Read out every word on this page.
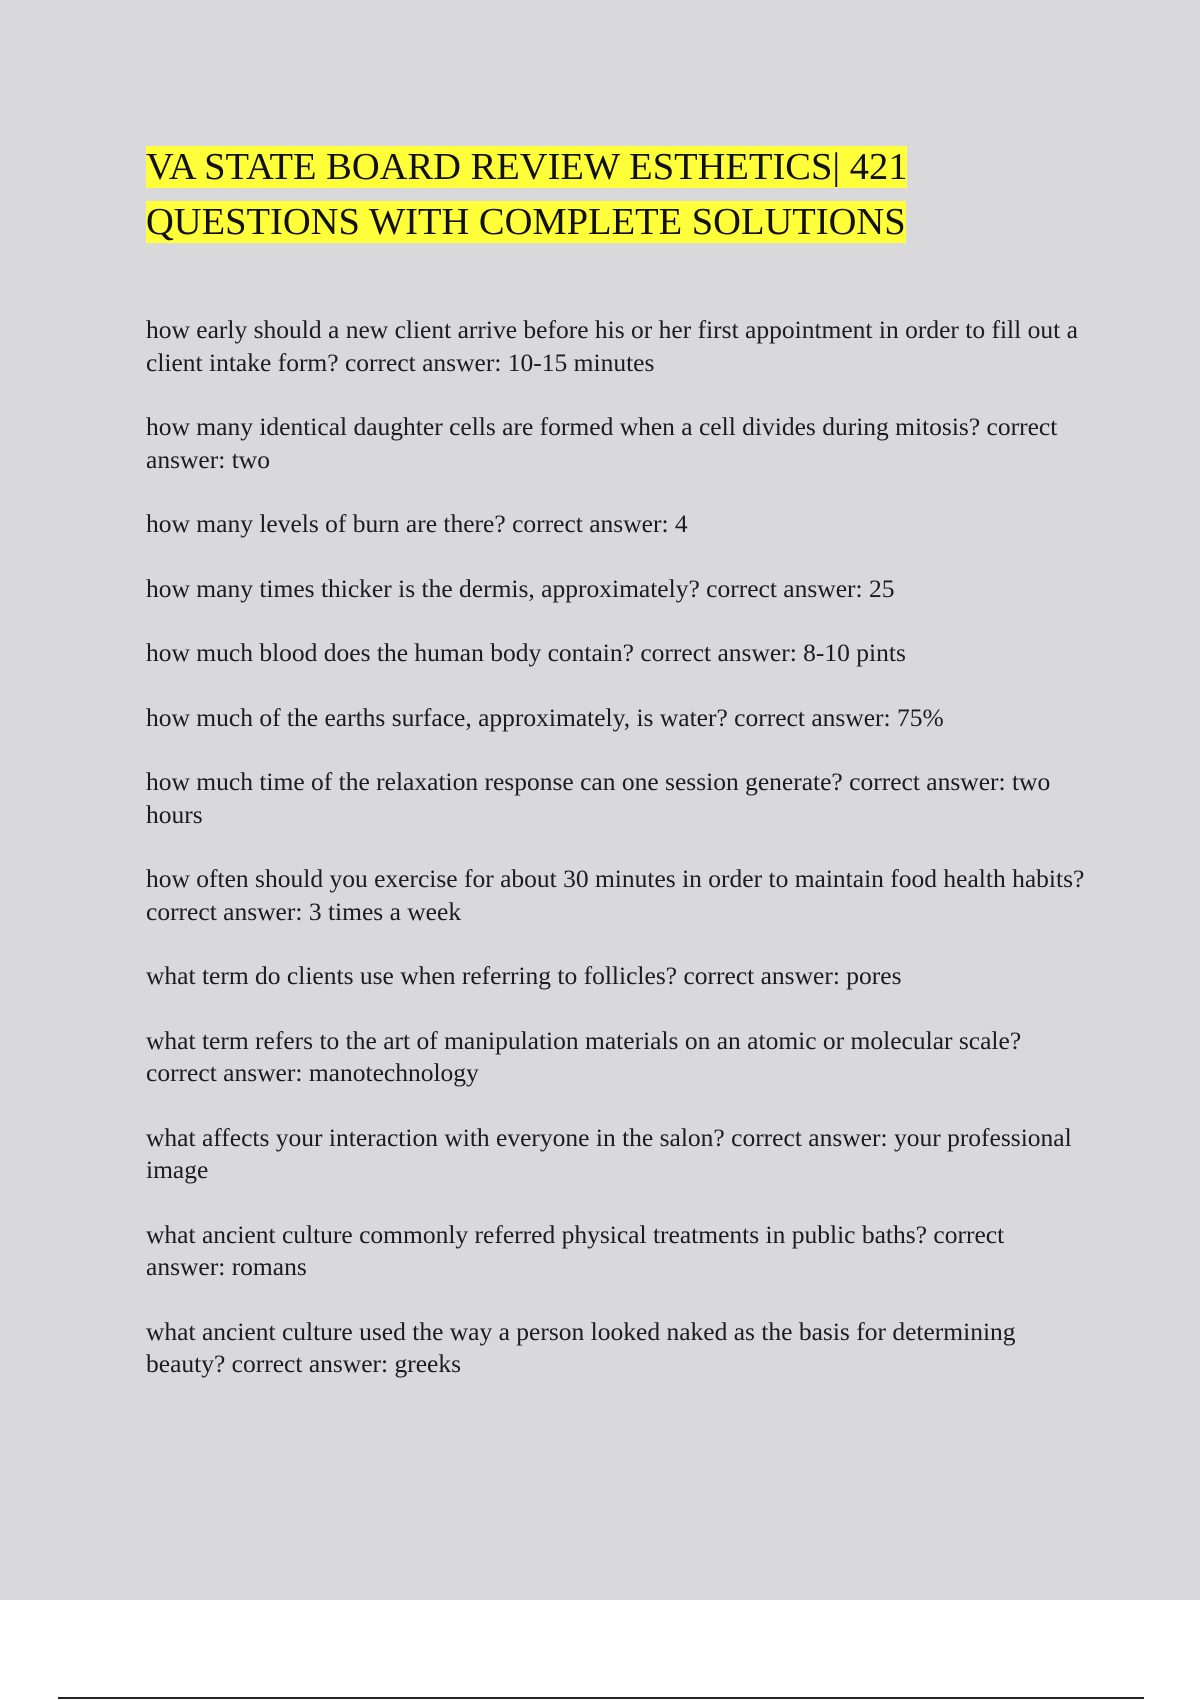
VA STATE BOARD REVIEW ESTHETICS| 421
QUESTIONS WITH COMPLETE SOLUTIONS
how early should a new client arrive before his or her first appointment in order to fill out a client intake form? correct answer: 10-15 minutes
how many identical daughter cells are formed when a cell divides during mitosis? correct answer: two
how many levels of burn are there? correct answer: 4
how many times thicker is the dermis, approximately? correct answer: 25
how much blood does the human body contain? correct answer: 8-10 pints
how much of the earths surface, approximately, is water? correct answer: 75%
how much time of the relaxation response can one session generate? correct answer: two hours
how often should you exercise for about 30 minutes in order to maintain food health habits? correct answer: 3 times a week
what term do clients use when referring to follicles? correct answer: pores
what term refers to the art of manipulation materials on an atomic or molecular scale? correct answer: manotechnology
what affects your interaction with everyone in the salon? correct answer: your professional image
what ancient culture commonly referred physical treatments in public baths? correct answer: romans
what ancient culture used the way a person looked naked as the basis for determining beauty? correct answer: greeks
